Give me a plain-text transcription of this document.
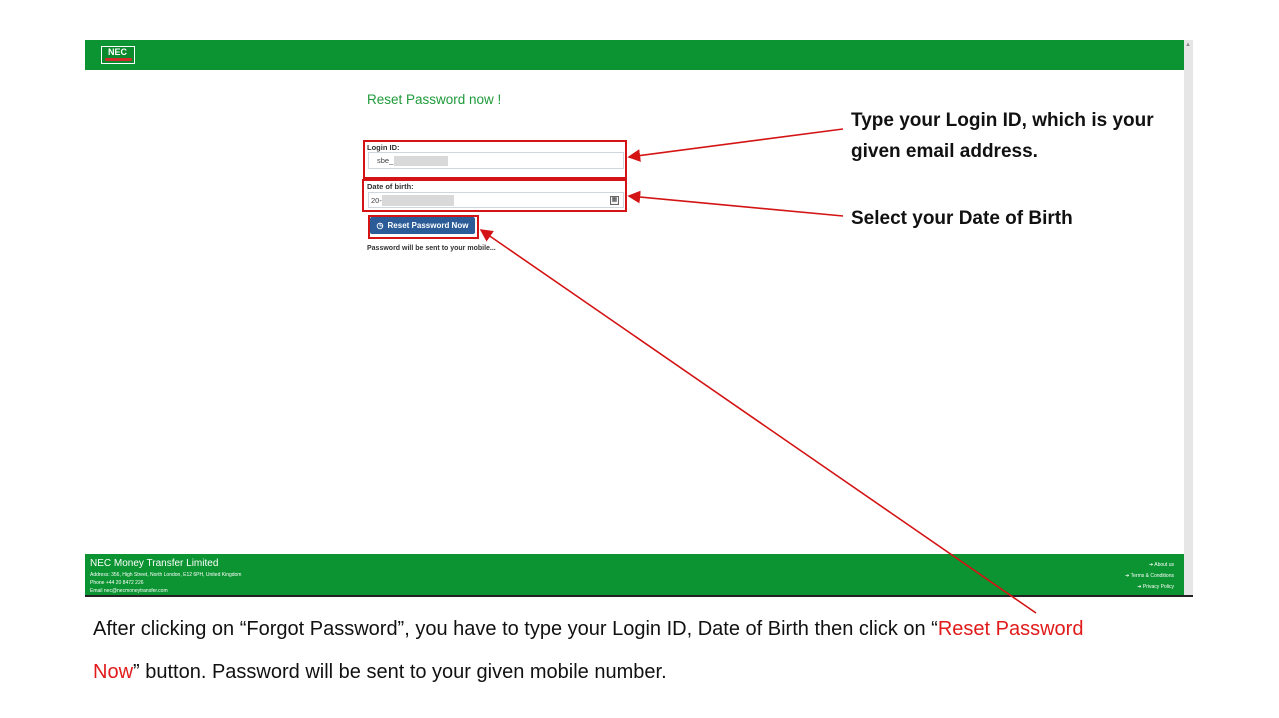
NEC
▲
Reset Password now !
Login ID:
sbe_
Date of birth:
20-	▦
◷ Reset Password Now
Password will be sent to your mobile...
NEC Money Transfer Limited
Address: 356, High Street, North London, E12 6PH, United Kingdom
Phone +44 20 8472 226
Email nec@necmoneytransfer.com
➔ About us
➔ Terms & Conditions
➔ Privacy Policy
Type your Login ID, which is your
given email address.
Select your Date of Birth
After clicking on “Forgot Password”, you have to type your Login ID, Date of Birth then click on “Reset Password
Now” button. Password will be sent to your given mobile number.
